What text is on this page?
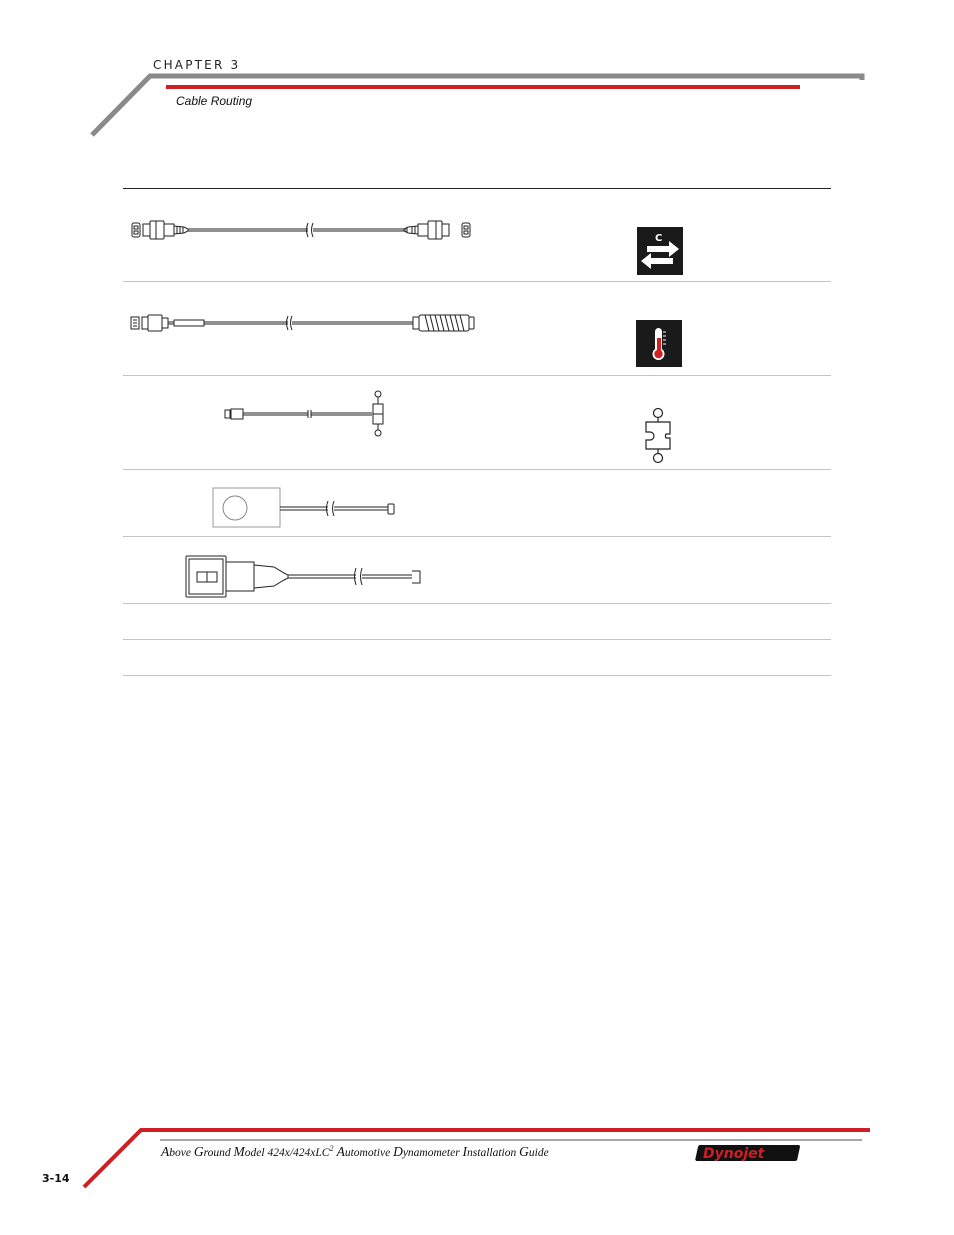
CHAPTER 3
Cable Routing
C
Above Ground Model 424x/424xLC$^2$ Automotive Dynamometer Installation Guide	Dynojet
3-14
